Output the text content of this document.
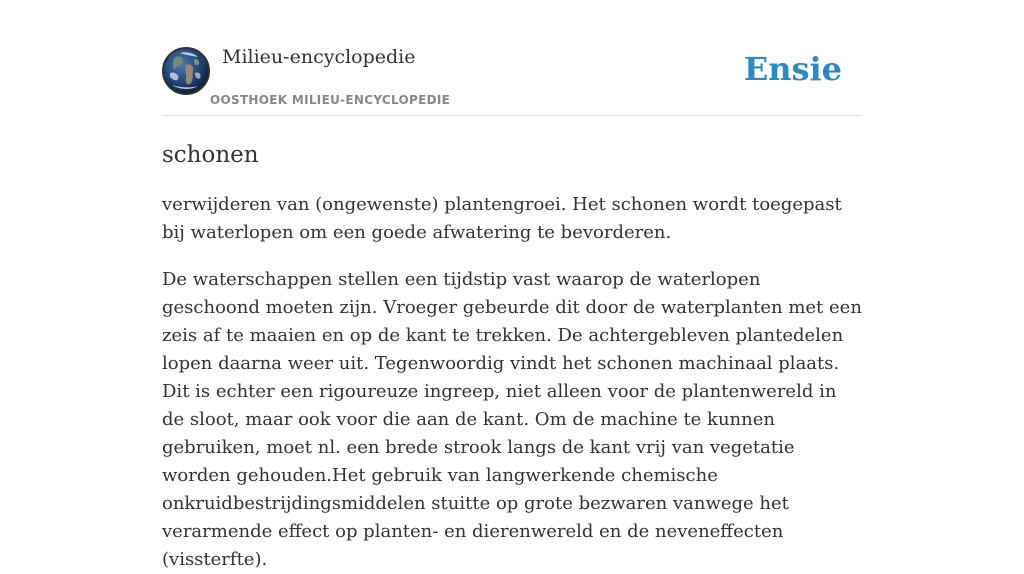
Milieu-encyclopedie
OOSTHOEK MILIEU-ENCYCLOPEDIE
Ensie
schonen

verwijderen van (ongewenste) plantengroei. Het schonen wordt toegepast bij waterlopen om een goede afwatering te bevorderen.

De waterschappen stellen een tijdstip vast waarop de waterlopen geschoond moeten zijn. Vroeger gebeurde dit door de waterplanten met een zeis af te maaien en op de kant te trekken. De achtergebleven plantedelen lopen daarna weer uit. Tegenwoordig vindt het schonen machinaal plaats. Dit is echter een rigoureuze ingreep, niet alleen voor de plantenwereld in de sloot, maar ook voor die aan de kant. Om de machine te kunnen gebruiken, moet nl. een brede strook langs de kant vrij van vegetatie worden gehouden.Het gebruik van langwerkende chemische onkruidbestrijdingsmiddelen stuitte op grote bezwaren vanwege het verarmende effect op planten- en dierenwereld en de neveneffecten (vissterfte).
